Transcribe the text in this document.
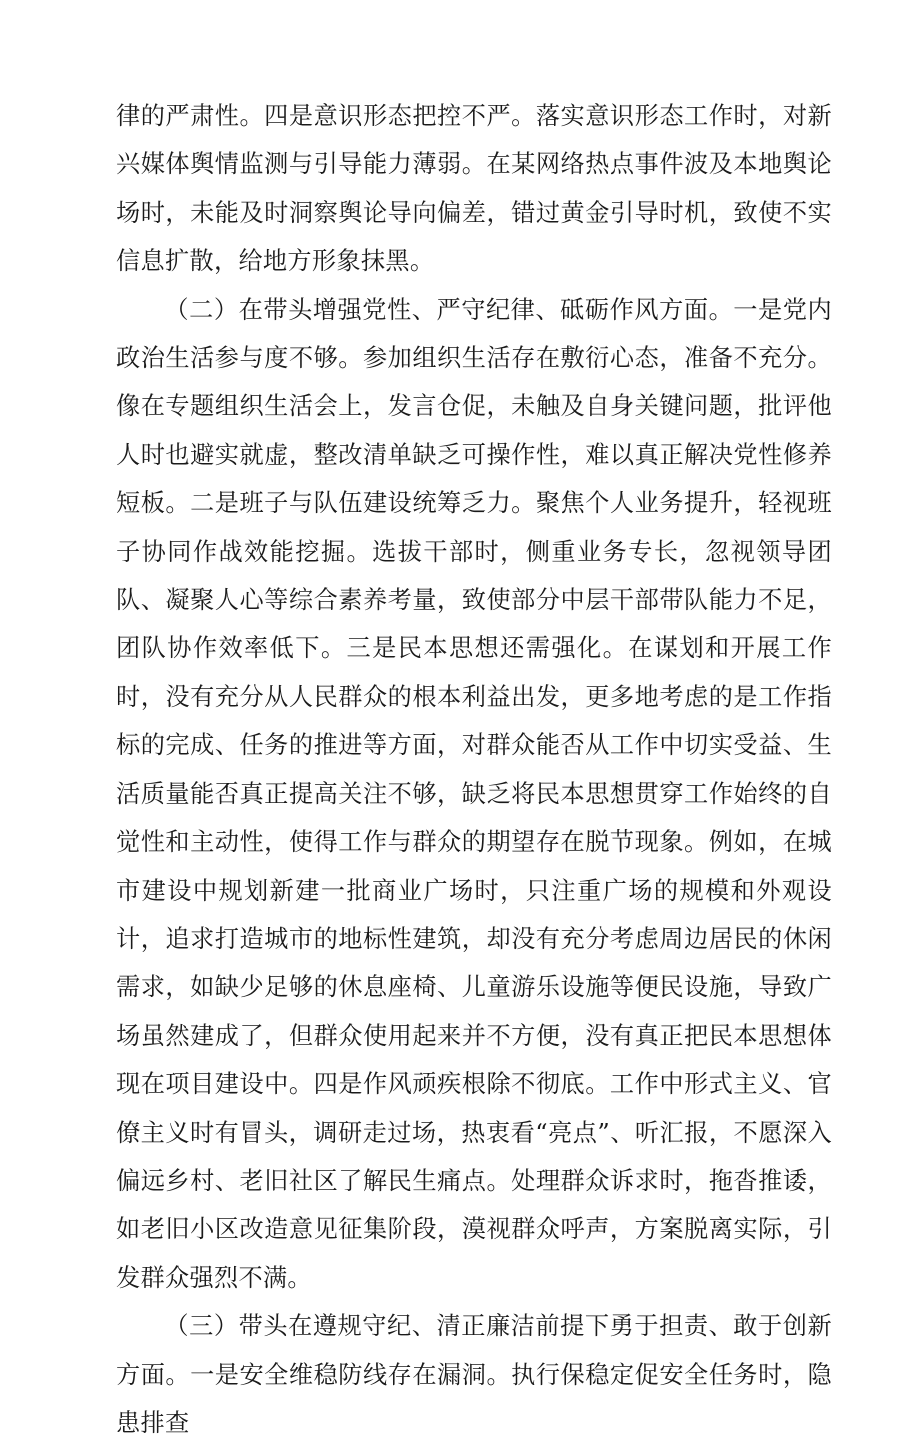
律的严肃性。四是意识形态把控不严。落实意识形态工作时，对新兴媒体舆情监测与引导能力薄弱。在某网络热点事件波及本地舆论场时，未能及时洞察舆论导向偏差，错过黄金引导时机，致使不实信息扩散，给地方形象抹黑。

（二）在带头增强党性、严守纪律、砥砺作风方面。一是党内政治生活参与度不够。参加组织生活存在敷衍心态，准备不充分。像在专题组织生活会上，发言仓促，未触及自身关键问题，批评他人时也避实就虚，整改清单缺乏可操作性，难以真正解决党性修养短板。二是班子与队伍建设统筹乏力。聚焦个人业务提升，轻视班子协同作战效能挖掘。选拔干部时，侧重业务专长，忽视领导团队、凝聚人心等综合素养考量，致使部分中层干部带队能力不足，团队协作效率低下。三是民本思想还需强化。在谋划和开展工作时，没有充分从人民群众的根本利益出发，更多地考虑的是工作指标的完成、任务的推进等方面，对群众能否从工作中切实受益、生活质量能否真正提高关注不够，缺乏将民本思想贯穿工作始终的自觉性和主动性，使得工作与群众的期望存在脱节现象。例如，在城市建设中规划新建一批商业广场时，只注重广场的规模和外观设计，追求打造城市的地标性建筑，却没有充分考虑周边居民的休闲需求，如缺少足够的休息座椅、儿童游乐设施等便民设施，导致广场虽然建成了，但群众使用起来并不方便，没有真正把民本思想体现在项目建设中。四是作风顽疾根除不彻底。工作中形式主义、官僚主义时有冒头，调研走过场，热衷看“亮点”、听汇报，不愿深入偏远乡村、老旧社区了解民生痛点。处理群众诉求时，拖沓推诿，如老旧小区改造意见征集阶段，漠视群众呼声，方案脱离实际，引发群众强烈不满。

（三）带头在遵规守纪、清正廉洁前提下勇于担责、敢于创新方面。一是安全维稳防线存在漏洞。执行保稳定促安全任务时，隐患排查
